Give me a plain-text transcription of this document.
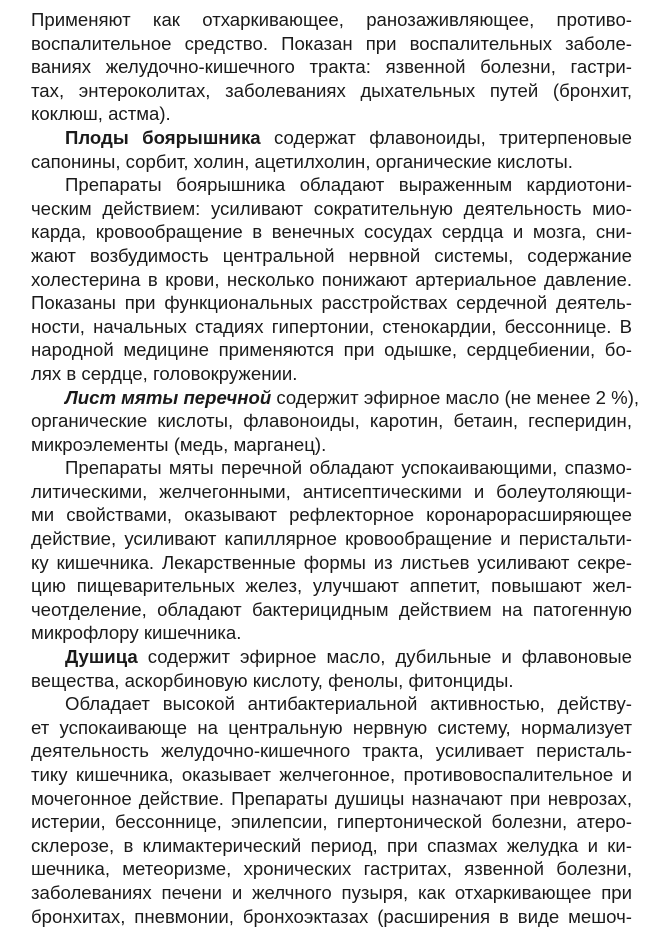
Применяют как отхаркивающее, ранозаживляющее, противо-
воспалительное средство. Показан при воспалительных заболе-
ваниях желудочно-кишечного тракта: язвенной болезни, гастри-
тах, энтероколитах, заболеваниях дыхательных путей (бронхит,
коклюш, астма).
Плоды боярышника содержат флавоноиды, тритерпеновые
сапонины, сорбит, холин, ацетилхолин, органические кислоты.
Препараты боярышника обладают выраженным кардиотони-
ческим действием: усиливают сократительную деятельность мио-
карда, кровообращение в венечных сосудах сердца и мозга, сни-
жают возбудимость центральной нервной системы, содержание
холестерина в крови, несколько понижают артериальное давление.
Показаны при функциональных расстройствах сердечной деятель-
ности, начальных стадиях гипертонии, стенокардии, бессоннице. В
народной медицине применяются при одышке, сердцебиении, бо-
лях в сердце, головокружении.
Лист мяты перечной содержит эфирное масло (не менее 2 %),
органические кислоты, флавоноиды, каротин, бетаин, гесперидин,
микроэлементы (медь, марганец).
Препараты мяты перечной обладают успокаивающими, спазмо-
литическими, желчегонными, антисептическими и болеутоляющи-
ми свойствами, оказывают рефлекторное коронарорасширяющее
действие, усиливают капиллярное кровообращение и перистальти-
ку кишечника. Лекарственные формы из листьев усиливают секре-
цию пищеварительных желез, улучшают аппетит, повышают жел-
чеотделение, обладают бактерицидным действием на патогенную
микрофлору кишечника.
Душица содержит эфирное масло, дубильные и флавоновые
вещества, аскорбиновую кислоту, фенолы, фитонциды.
Обладает высокой антибактериальной активностью, действу-
ет успокаивающе на центральную нервную систему, нормализует
деятельность желудочно-кишечного тракта, усиливает перисталь-
тику кишечника, оказывает желчегонное, противовоспалительное и
мочегонное действие. Препараты душицы назначают при неврозах,
истерии, бессоннице, эпилепсии, гипертонической болезни, атеро-
склерозе, в климактерический период, при спазмах желудка и ки-
шечника, метеоризме, хронических гастритах, язвенной болезни,
заболеваниях печени и желчного пузыря, как отхаркивающее при
бронхитах, пневмонии, бронхоэктазах (расширения в виде мешоч-
